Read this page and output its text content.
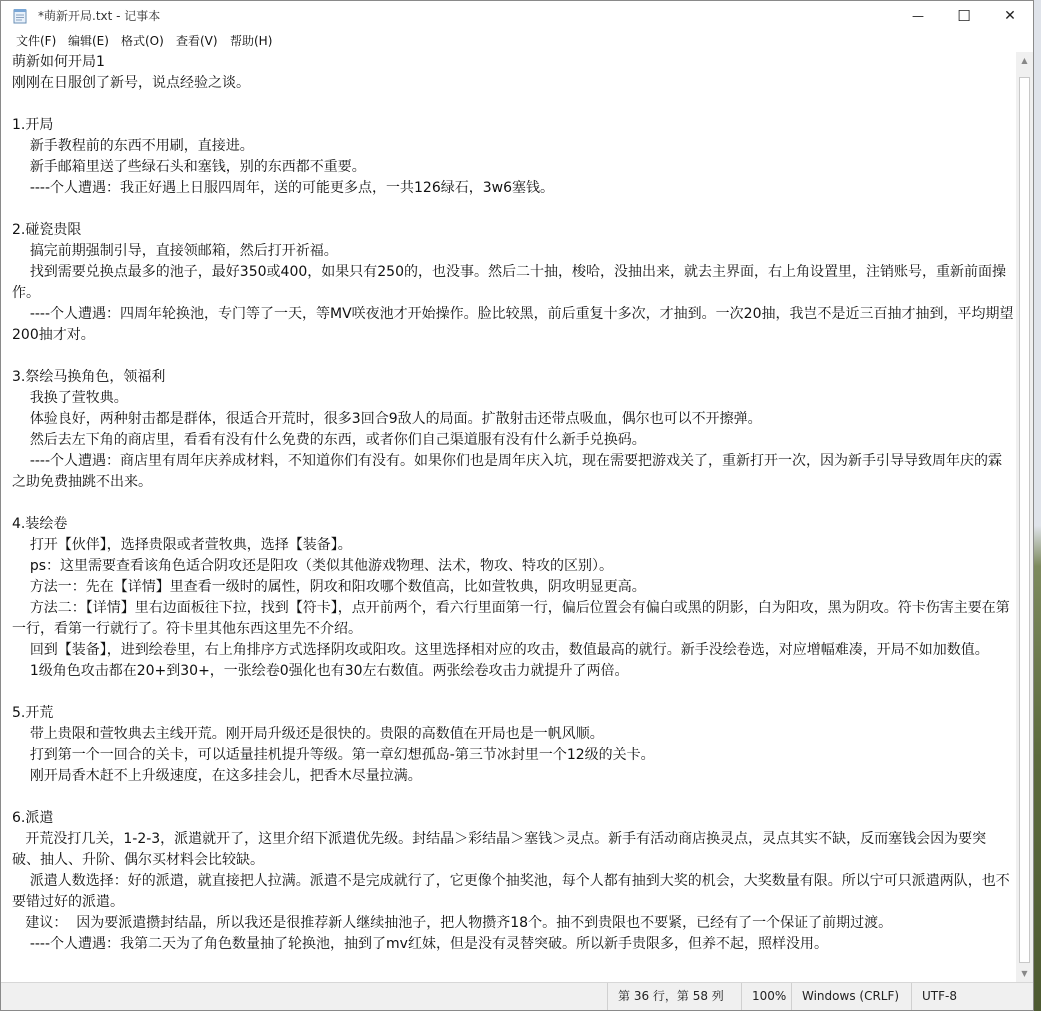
*萌新开局.txt - 记事本	— ☐ ✕
文件(F) 编辑(E) 格式(O) 查看(V) 帮助(H)
萌新如何开局1
刚刚在日服创了新号，说点经验之谈。

1.开局
新手教程前的东西不用刷，直接进。
新手邮箱里送了些绿石头和塞钱，别的东西都不重要。
----个人遭遇：我正好遇上日服四周年，送的可能更多点，一共126绿石，3w6塞钱。

2.碰瓷贵限
搞完前期强制引导，直接领邮箱，然后打开祈福。
找到需要兑换点最多的池子，最好350或400，如果只有250的，也没事。然后二十抽，梭哈，没抽出来，就去主界面，右上角设置里，注销账号，重新前面操作。
----个人遭遇：四周年轮换池，专门等了一天，等MV咲夜池才开始操作。脸比较黑，前后重复十多次，才抽到。一次20抽，我岂不是近三百抽才抽到，平均期望200抽才对。

3.祭绘马换角色，领福利
我换了萱牧典。
体验良好，两种射击都是群体，很适合开荒时，很多3回合9敌人的局面。扩散射击还带点吸血，偶尔也可以不开擦弹。
然后去左下角的商店里，看看有没有什么免费的东西，或者你们自己渠道服有没有什么新手兑换码。
----个人遭遇：商店里有周年庆养成材料，不知道你们有没有。如果你们也是周年庆入坑，现在需要把游戏关了，重新打开一次，因为新手引导导致周年庆的霖之助免费抽跳不出来。

4.装绘卷
打开【伙伴】，选择贵限或者萱牧典，选择【装备】。
ps：这里需要查看该角色适合阴攻还是阳攻（类似其他游戏物理、法术，物攻、特攻的区别）。
方法一：先在【详情】里查看一级时的属性，阴攻和阳攻哪个数值高，比如萱牧典，阴攻明显更高。
方法二：【详情】里右边面板往下拉，找到【符卡】，点开前两个，看六行里面第一行，偏后位置会有偏白或黑的阴影，白为阳攻，黑为阴攻。符卡伤害主要在第一行，看第一行就行了。符卡里其他东西这里先不介绍。
回到【装备】，进到绘卷里，右上角排序方式选择阴攻或阳攻。这里选择相对应的攻击，数值最高的就行。新手没绘卷选，对应增幅难凑，开局不如加数值。
1级角色攻击都在20+到30+，一张绘卷0强化也有30左右数值。两张绘卷攻击力就提升了两倍。

5.开荒
带上贵限和萱牧典去主线开荒。刚开局升级还是很快的。贵限的高数值在开局也是一帆风顺。
打到第一个一回合的关卡，可以适量挂机提升等级。第一章幻想孤岛-第三节冰封里一个12级的关卡。
刚开局香木赶不上升级速度，在这多挂会儿，把香木尽量拉满。

6.派遣
开荒没打几关，1-2-3，派遣就开了，这里介绍下派遣优先级。封结晶＞彩结晶＞塞钱＞灵点。新手有活动商店换灵点，灵点其实不缺，反而塞钱会因为要突破、抽人、升阶、偶尔买材料会比较缺。
派遣人数选择：好的派遣，就直接把人拉满。派遣不是完成就行了，它更像个抽奖池，每个人都有抽到大奖的机会，大奖数量有限。所以宁可只派遣两队，也不要错过好的派遣。
建议：  因为要派遣攒封结晶，所以我还是很推荐新人继续抽池子，把人物攒齐18个。抽不到贵限也不要紧，已经有了一个保证了前期过渡。
----个人遭遇：我第二天为了角色数量抽了轮换池，抽到了mv红妹，但是没有灵替突破。所以新手贵限多，但养不起，照样没用。
▲
▼
第 36 行，第 58 列	100%	Windows (CRLF)	UTF-8
